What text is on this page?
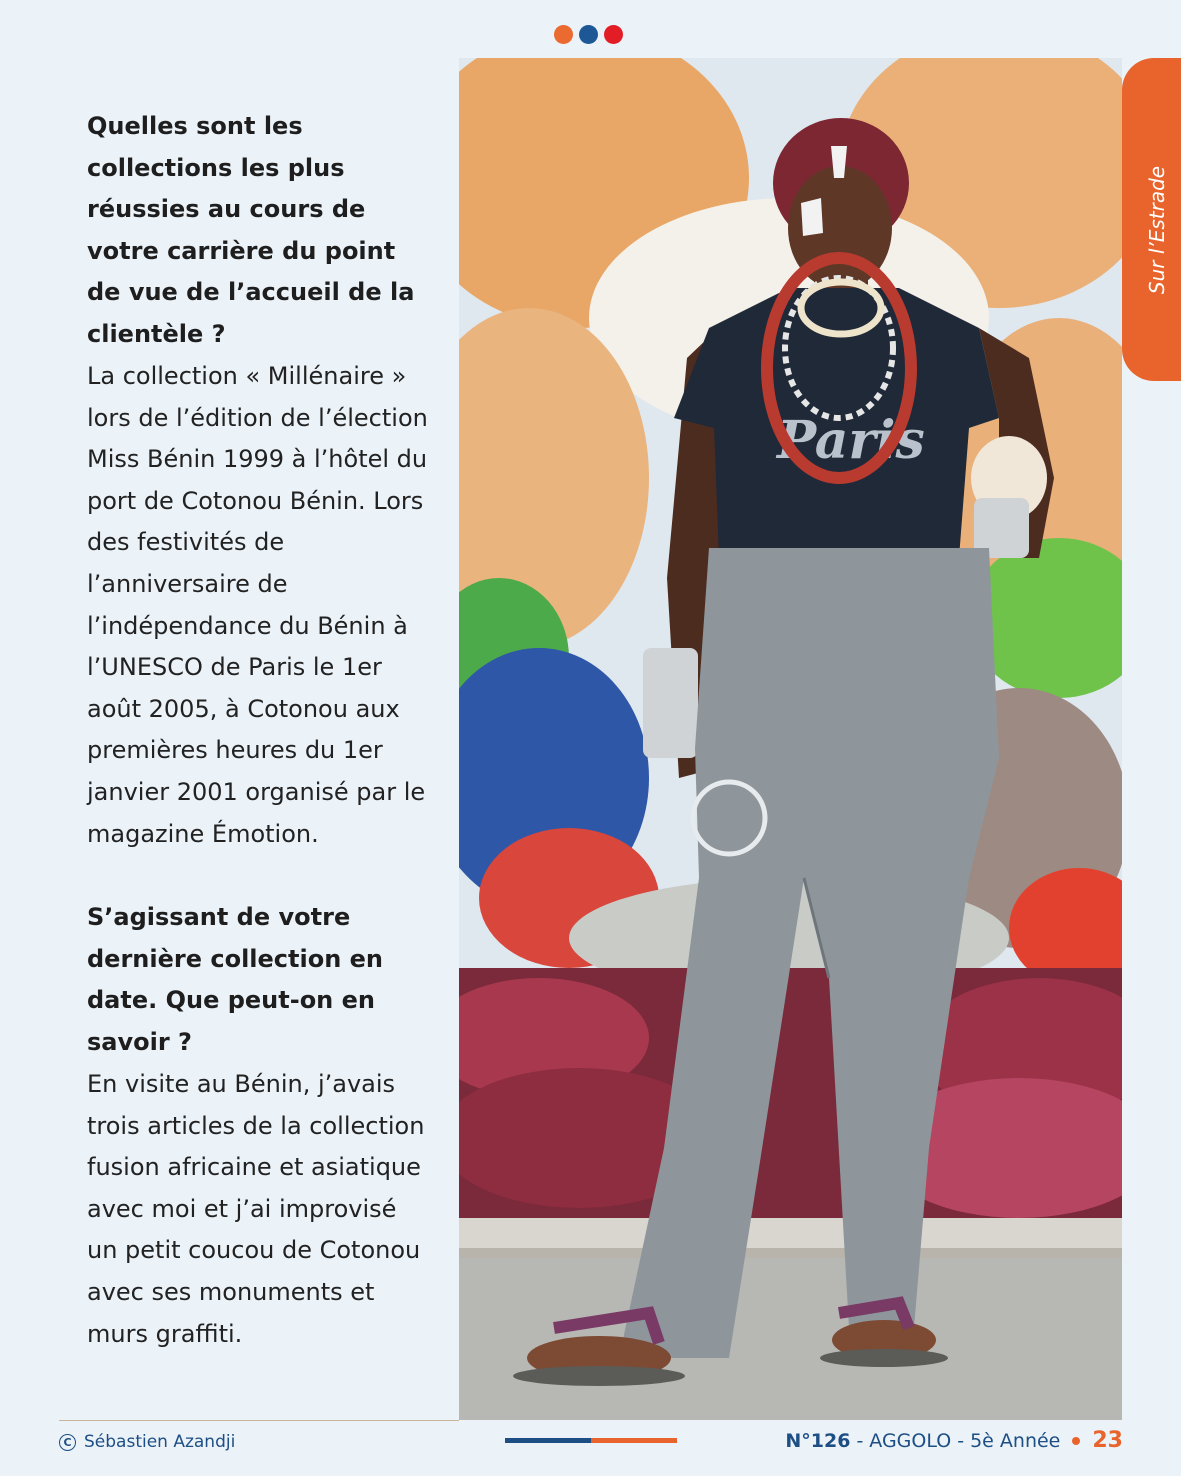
Quelles sont les collections les plus réussies au cours de votre carrière du point de vue de l’accueil de la clientèle ?

La collection « Millénaire » lors de l’édition de l’élection Miss Bénin 1999 à l’hôtel du port de Cotonou Bénin. Lors des festivités de l’anniversaire de l’indépendance du Bénin à l’UNESCO de Paris le 1er août 2005, à Cotonou aux premières heures du 1er janvier 2001 organisé par le magazine Émotion.

S’agissant de votre dernière collection en date. Que peut-on en savoir ?

En visite au Bénin, j’avais trois articles de la collection fusion africaine et asiatique avec moi et j’ai improvisé un petit coucou de Cotonou avec ses monuments et murs graffiti.

Paris
Sur l’Estrade
C Sébastien Azandji	N°126 - AGGOLO - 5è Année 23
